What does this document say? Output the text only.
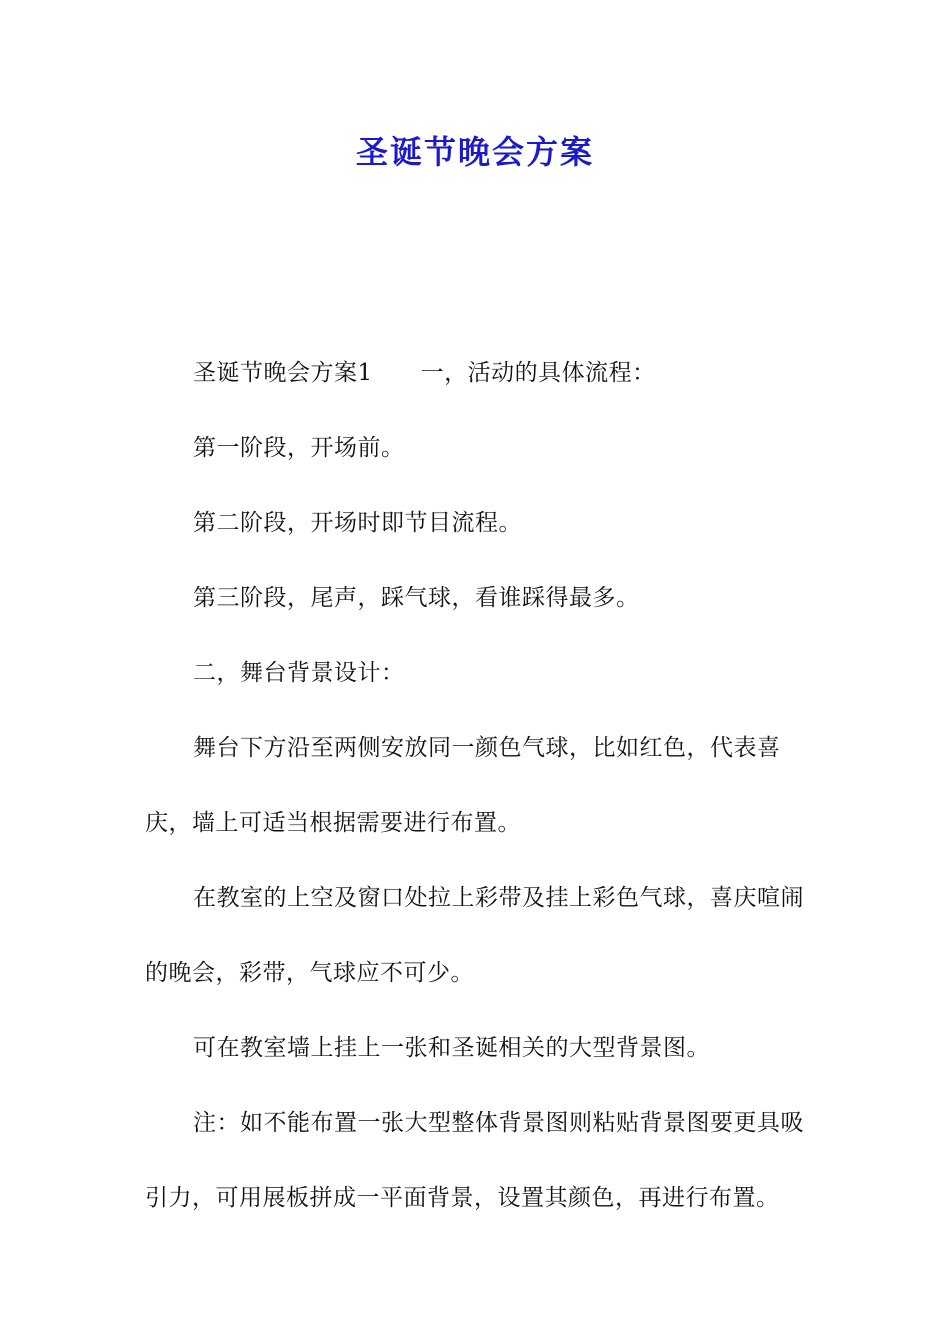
圣诞节晚会方案

圣诞节晚会方案1 一，活动的具体流程：

第一阶段，开场前。

第二阶段，开场时即节目流程。

第三阶段，尾声，踩气球，看谁踩得最多。

二，舞台背景设计：

舞台下方沿至两侧安放同一颜色气球，比如红色，代表喜庆，墙上可适当根据需要进行布置。

在教室的上空及窗口处拉上彩带及挂上彩色气球，喜庆喧闹的晚会，彩带，气球应不可少。

可在教室墙上挂上一张和圣诞相关的大型背景图。

注：如不能布置一张大型整体背景图则粘贴背景图要更具吸引力，可用展板拼成一平面背景，设置其颜色，再进行布置。
